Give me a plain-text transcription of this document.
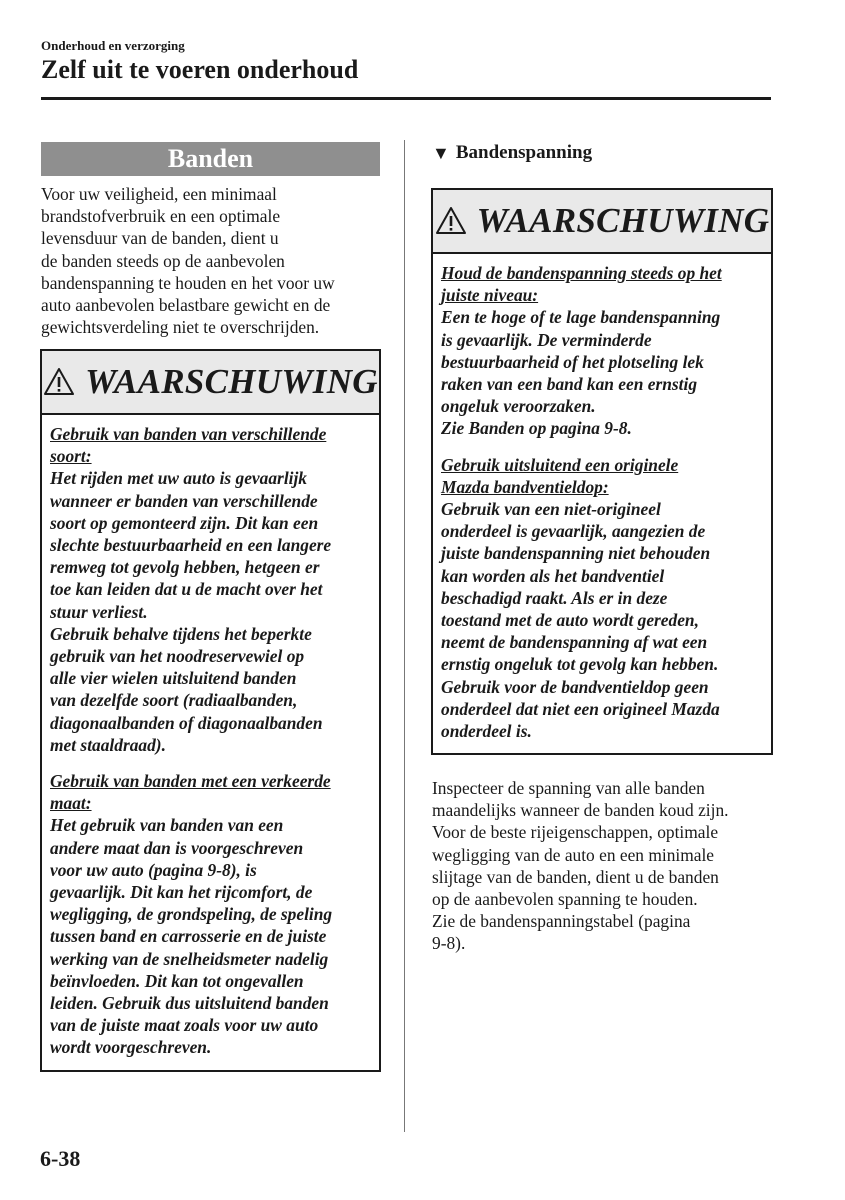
Onderhoud en verzorging
Zelf uit te voeren onderhoud
Banden

Voor uw veiligheid, een minimaal

brandstofverbruik en een optimale

levensduur van de banden, dient u

de banden steeds op de aanbevolen

bandenspanning te houden en het voor uw

auto aanbevolen belastbare gewicht en de

gewichtsverdeling niet te overschrijden.

WAARSCHUWING

Gebruik van banden van verschillende

soort:

Het rijden met uw auto is gevaarlijk

wanneer er banden van verschillende

soort op gemonteerd zijn. Dit kan een

slechte bestuurbaarheid en een langere

remweg tot gevolg hebben, hetgeen er

toe kan leiden dat u de macht over het

stuur verliest.

Gebruik behalve tijdens het beperkte

gebruik van het noodreservewiel op

alle vier wielen uitsluitend banden

van dezelfde soort (radiaalbanden,

diagonaalbanden of diagonaalbanden

met staaldraad).

Gebruik van banden met een verkeerde

maat:

Het gebruik van banden van een

andere maat dan is voorgeschreven

voor uw auto (pagina 9-8), is

gevaarlijk. Dit kan het rijcomfort, de

wegligging, de grondspeling, de speling

tussen band en carrosserie en de juiste

werking van de snelheidsmeter nadelig

beïnvloeden. Dit kan tot ongevallen

leiden. Gebruik dus uitsluitend banden

van de juiste maat zoals voor uw auto

wordt voorgeschreven.

▼ Bandenspanning
WAARSCHUWING

Houd de bandenspanning steeds op het

juiste niveau:

Een te hoge of te lage bandenspanning

is gevaarlijk. De verminderde

bestuurbaarheid of het plotseling lek

raken van een band kan een ernstig

ongeluk veroorzaken.

Zie Banden op pagina 9-8.

Gebruik uitsluitend een originele

Mazda bandventieldop:

Gebruik van een niet-origineel

onderdeel is gevaarlijk, aangezien de

juiste bandenspanning niet behouden

kan worden als het bandventiel

beschadigd raakt. Als er in deze

toestand met de auto wordt gereden,

neemt de bandenspanning af wat een

ernstig ongeluk tot gevolg kan hebben.

Gebruik voor de bandventieldop geen

onderdeel dat niet een origineel Mazda

onderdeel is.

Inspecteer de spanning van alle banden

maandelijks wanneer de banden koud zijn.

Voor de beste rijeigenschappen, optimale

wegligging van de auto en een minimale

slijtage van de banden, dient u de banden

op de aanbevolen spanning te houden.

Zie de bandenspanningstabel (pagina

9-8).

6-38
